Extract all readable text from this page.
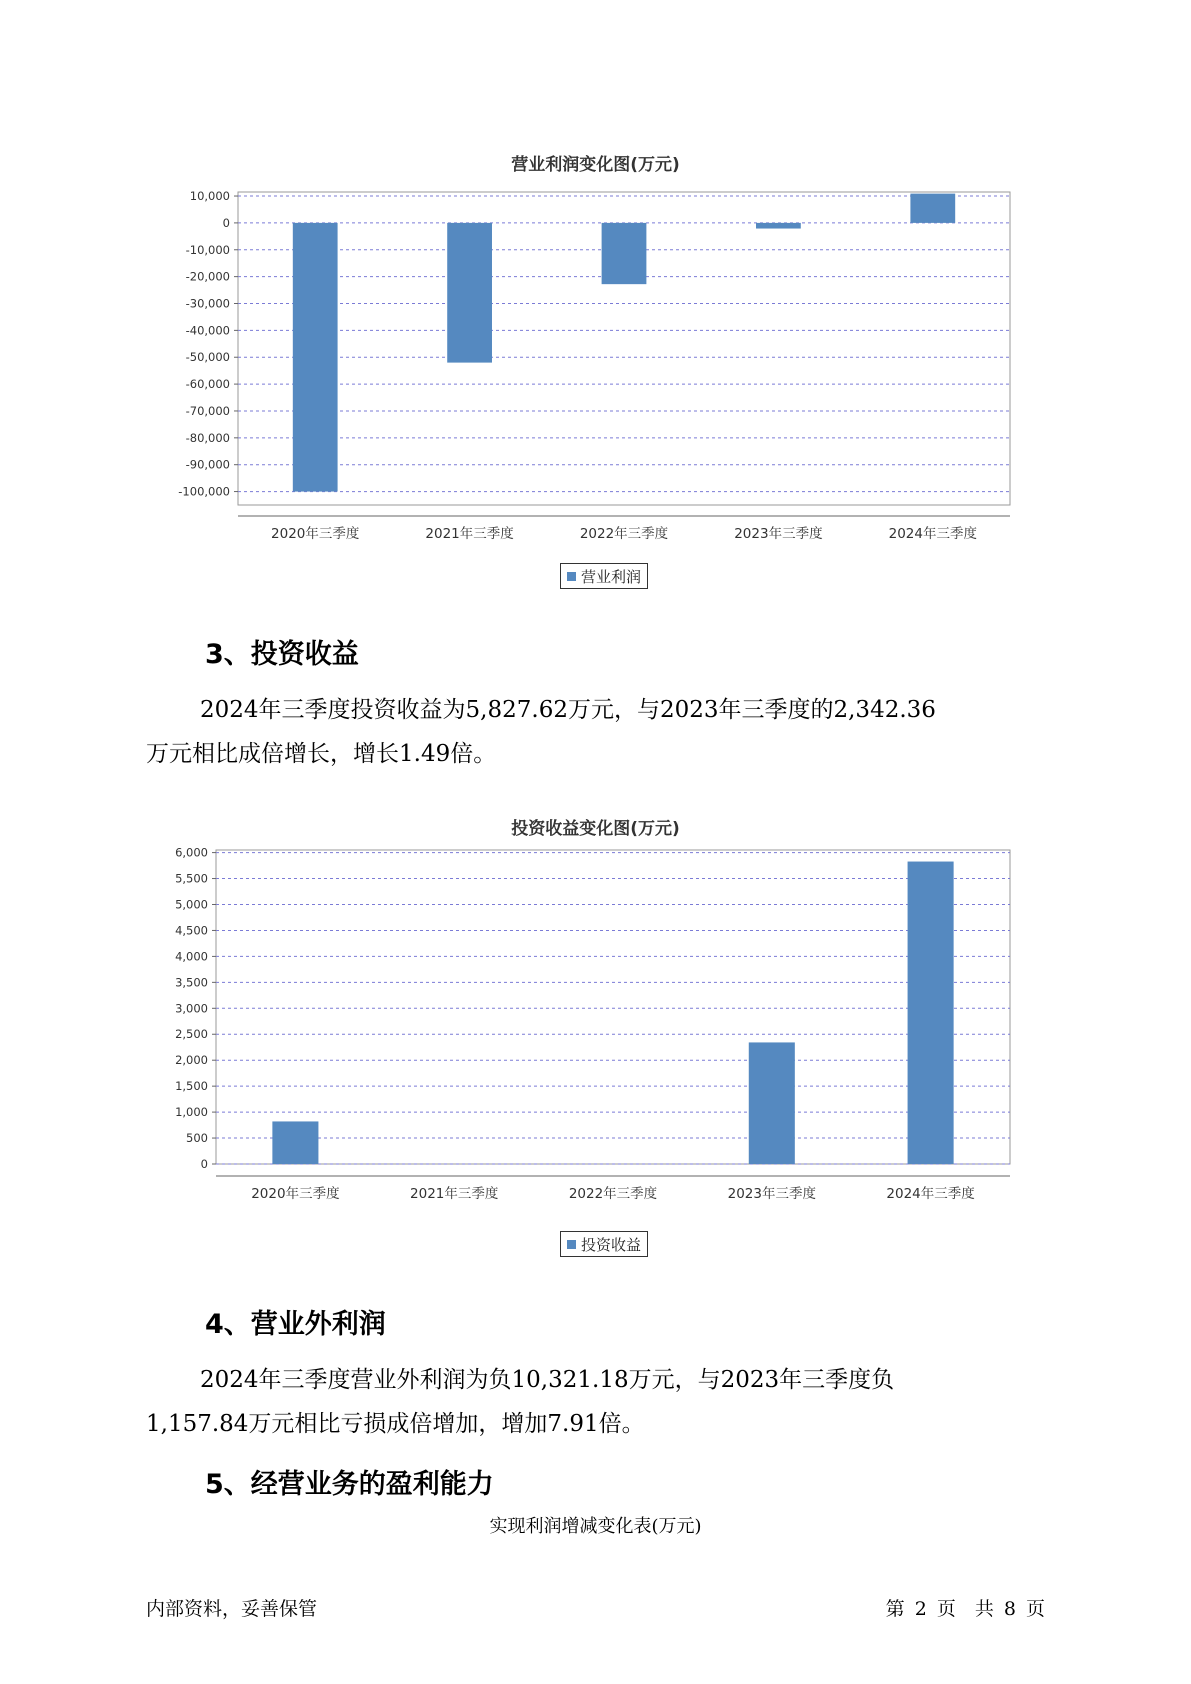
营业利润变化图(万元)
10,000
0
-10,000
-20,000
-30,000
-40,000
-50,000
-60,000
-70,000
-80,000
-90,000
-100,000
2020年三季度	2021年三季度	2022年三季度	2023年三季度	2024年三季度
营业利润
3、投资收益

2024年三季度投资收益为5,827.62万元，与2023年三季度的2,342.36

万元相比成倍增长，增长1.49倍。

投资收益变化图(万元)
6,000
5,500
5,000
4,500
4,000
3,500
3,000
2,500
2,000
1,500
1,000
500
0
2020年三季度	2021年三季度	2022年三季度	2023年三季度	2024年三季度
投资收益
4、营业外利润

2024年三季度营业外利润为负10,321.18万元，与2023年三季度负

1,157.84万元相比亏损成倍增加，增加7.91倍。

5、经营业务的盈利能力
实现利润增减变化表(万元)
内部资料，妥善保管	第 2 页　共 8 页
